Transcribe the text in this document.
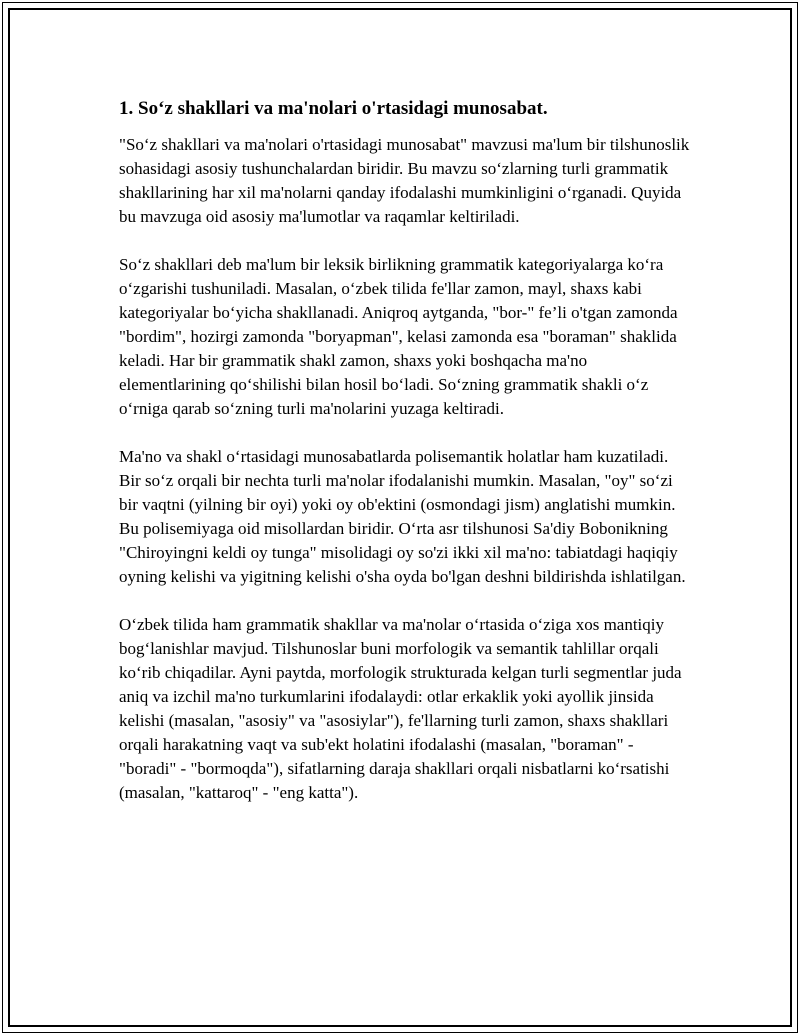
1. So‘z shakllari va ma'nolari o'rtasidagi munosabat.

"So‘z shakllari va ma'nolari o'rtasidagi munosabat" mavzusi ma'lum bir tilshunoslik sohasidagi asosiy tushunchalardan biridir. Bu mavzu so‘zlarning turli grammatik shakllarining har xil ma'nolarni qanday ifodalashi mumkinligini o‘rganadi. Quyida bu mavzuga oid asosiy ma'lumotlar va raqamlar keltiriladi.

So‘z shakllari deb ma'lum bir leksik birlikning grammatik kategoriyalarga ko‘ra o‘zgarishi tushuniladi. Masalan, o‘zbek tilida fe'llar zamon, mayl, shaxs kabi kategoriyalar bo‘yicha shakllanadi. Aniqroq aytganda, "bor-" fe’li o'tgan zamonda "bordim", hozirgi zamonda "boryapman", kelasi zamonda esa "boraman" shaklida keladi. Har bir grammatik shakl zamon, shaxs yoki boshqacha ma'no elementlarining qo‘shilishi bilan hosil bo‘ladi. So‘zning grammatik shakli o‘z o‘rniga qarab so‘zning turli ma'nolarini yuzaga keltiradi.

Ma'no va shakl o‘rtasidagi munosabatlarda polisemantik holatlar ham kuzatiladi. Bir so‘z orqali bir nechta turli ma'nolar ifodalanishi mumkin. Masalan, "oy" so‘zi bir vaqtni (yilning bir oyi) yoki oy ob'ektini (osmondagi jism) anglatishi mumkin. Bu polisemiyaga oid misollardan biridir. O‘rta asr tilshunosi Sa'diy Bobonikning "Chiroyingni keldi oy tunga" misolidagi oy so'zi ikki xil ma'no: tabiatdagi haqiqiy oyning kelishi va yigitning kelishi o'sha oyda bo'lgan deshni bildirishda ishlatilgan.

O‘zbek tilida ham grammatik shakllar va ma'nolar o‘rtasida o‘ziga xos mantiqiy bog‘lanishlar mavjud. Tilshunoslar buni morfologik va semantik tahlillar orqali ko‘rib chiqadilar. Ayni paytda, morfologik strukturada kelgan turli segmentlar juda aniq va izchil ma'no turkumlarini ifodalaydi: otlar erkaklik yoki ayollik jinsida kelishi (masalan, "asosiy" va "asosiylar"), fe'llarning turli zamon, shaxs shakllari orqali harakatning vaqt va sub'ekt holatini ifodalashi (masalan, "boraman" - "boradi" - "bormoqda"), sifatlarning daraja shakllari orqali nisbatlarni ko‘rsatishi (masalan, "kattaroq" - "eng katta").
